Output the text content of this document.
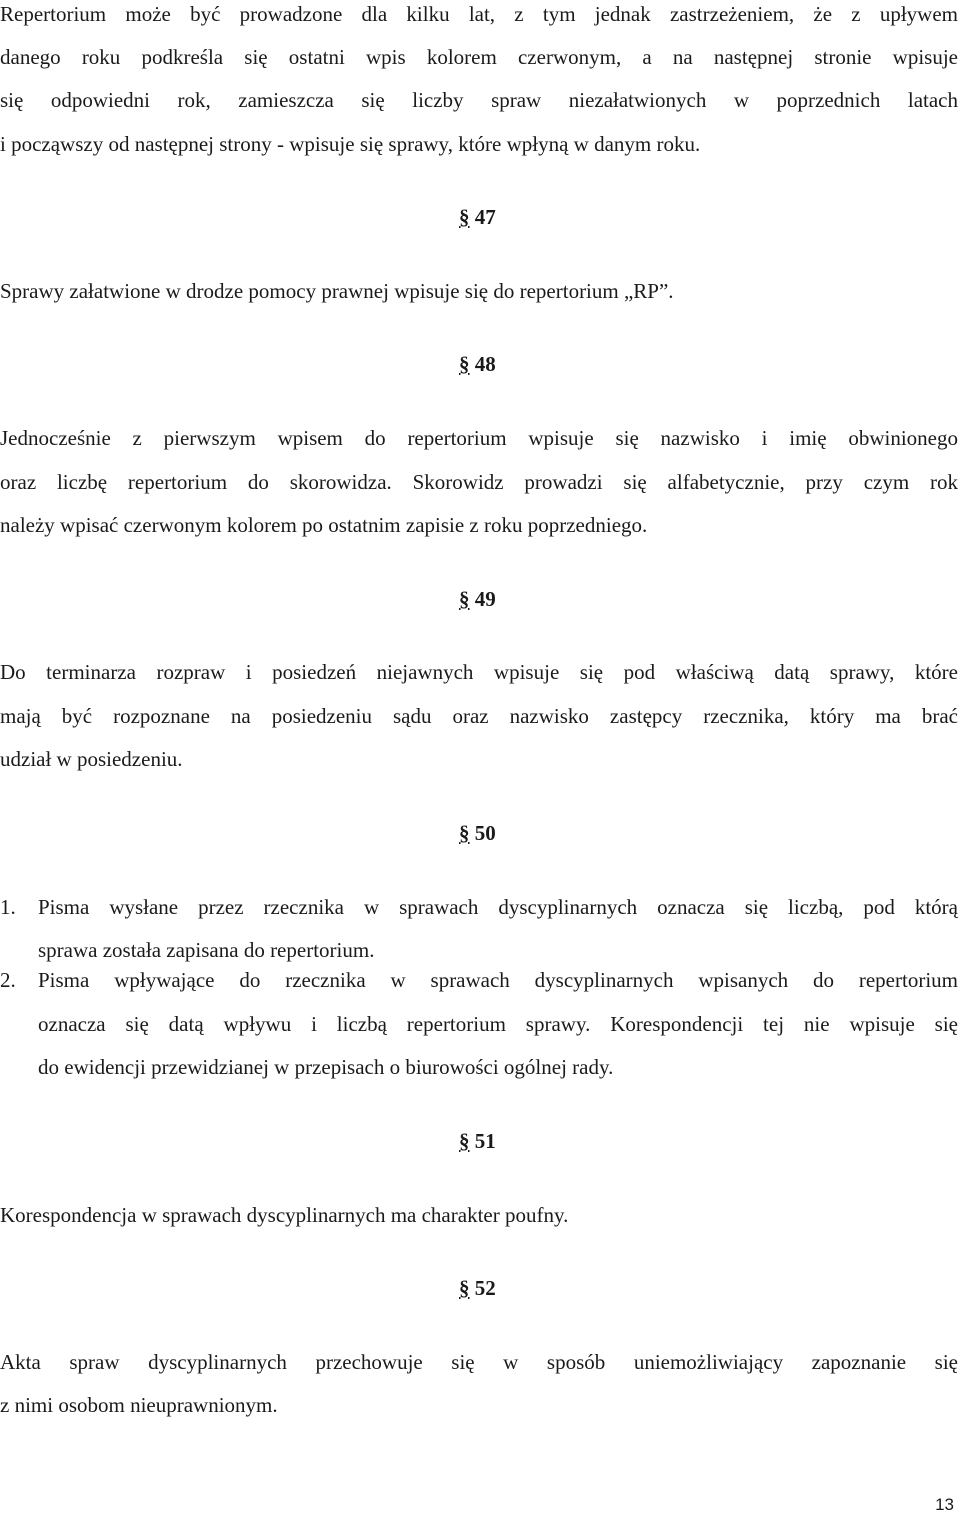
Repertorium może być prowadzone dla kilku lat, z tym jednak zastrzeżeniem, że z upływem
danego roku podkreśla się ostatni wpis kolorem czerwonym, a na następnej stronie wpisuje
się odpowiedni rok, zamieszcza się liczby spraw niezałatwionych w poprzednich latach
i począwszy od następnej strony - wpisuje się sprawy, które wpłyną w danym roku.
§ 47
Sprawy załatwione w drodze pomocy prawnej wpisuje się do repertorium „RP”.
§ 48
Jednocześnie z pierwszym wpisem do repertorium wpisuje się nazwisko i imię obwinionego
oraz liczbę repertorium do skorowidza. Skorowidz prowadzi się alfabetycznie, przy czym rok
należy wpisać czerwonym kolorem po ostatnim zapisie z roku poprzedniego.
§ 49
Do terminarza rozpraw i posiedzeń niejawnych wpisuje się pod właściwą datą sprawy, które
mają być rozpoznane na posiedzeniu sądu oraz nazwisko zastępcy rzecznika, który ma brać
udział w posiedzeniu.
§ 50
1. Pisma wysłane przez rzecznika w sprawach dyscyplinarnych oznacza się liczbą, pod którą
sprawa została zapisana do repertorium.
2. Pisma wpływające do rzecznika w sprawach dyscyplinarnych wpisanych do repertorium
oznacza się datą wpływu i liczbą repertorium sprawy. Korespondencji tej nie wpisuje się
do ewidencji przewidzianej w przepisach o biurowości ogólnej rady.
§ 51
Korespondencja w sprawach dyscyplinarnych ma charakter poufny.
§ 52
Akta spraw dyscyplinarnych przechowuje się w sposób uniemożliwiający zapoznanie się
z nimi osobom nieuprawnionym.
13
